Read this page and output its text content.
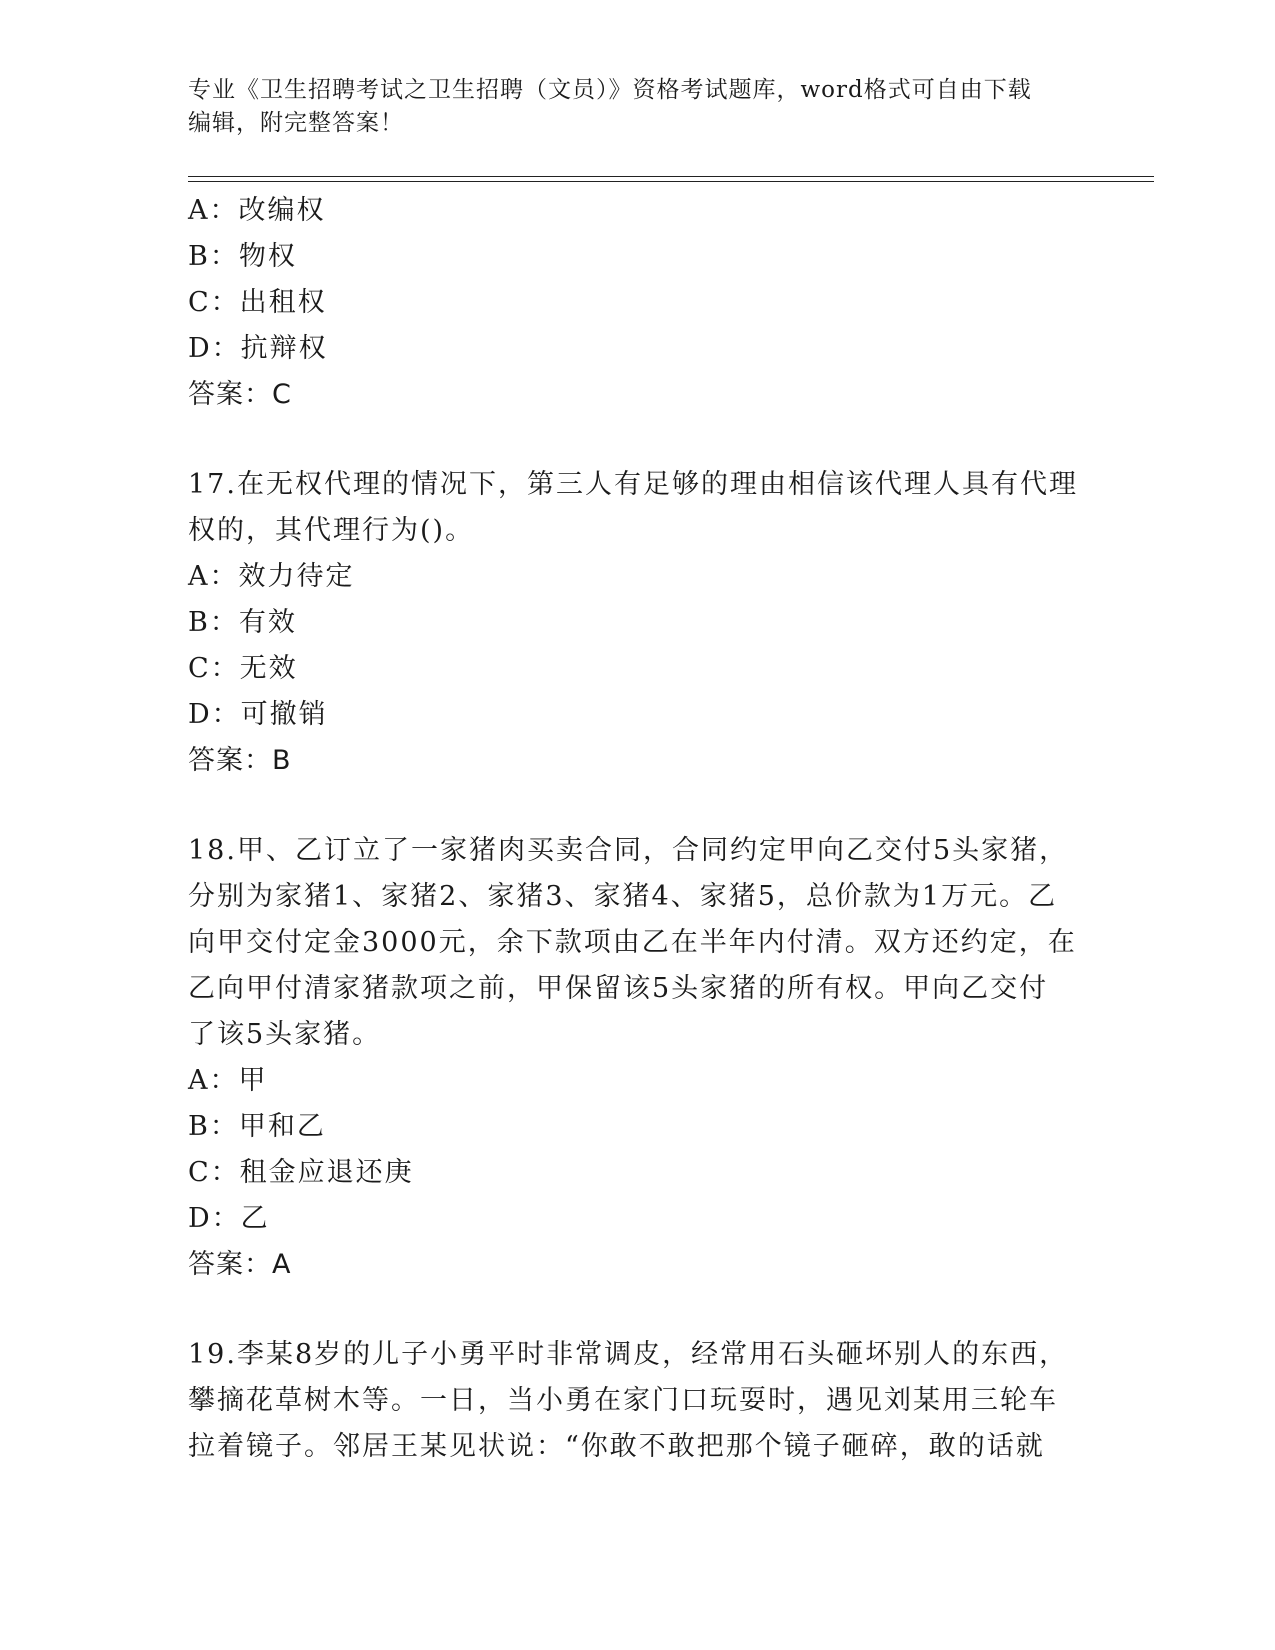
专业《卫生招聘考试之卫生招聘（文员）》资格考试题库，word格式可自由下载
编辑，附完整答案！
A：改编权
B：物权
C：出租权
D：抗辩权
答案：C
17.在无权代理的情况下，第三人有足够的理由相信该代理人具有代理
权的，其代理行为()。
A：效力待定
B：有效
C：无效
D：可撤销
答案：B
18.甲、乙订立了一家猪肉买卖合同，合同约定甲向乙交付5头家猪，
分别为家猪1、家猪2、家猪3、家猪4、家猪5，总价款为1万元。乙
向甲交付定金3000元，余下款项由乙在半年内付清。双方还约定，在
乙向甲付清家猪款项之前，甲保留该5头家猪的所有权。甲向乙交付
了该5头家猪。
A：甲
B：甲和乙
C：租金应退还庚
D：乙
答案：A
19.李某8岁的儿子小勇平时非常调皮，经常用石头砸坏别人的东西，
攀摘花草树木等。一日，当小勇在家门口玩耍时，遇见刘某用三轮车
拉着镜子。邻居王某见状说：“你敢不敢把那个镜子砸碎，敢的话就
